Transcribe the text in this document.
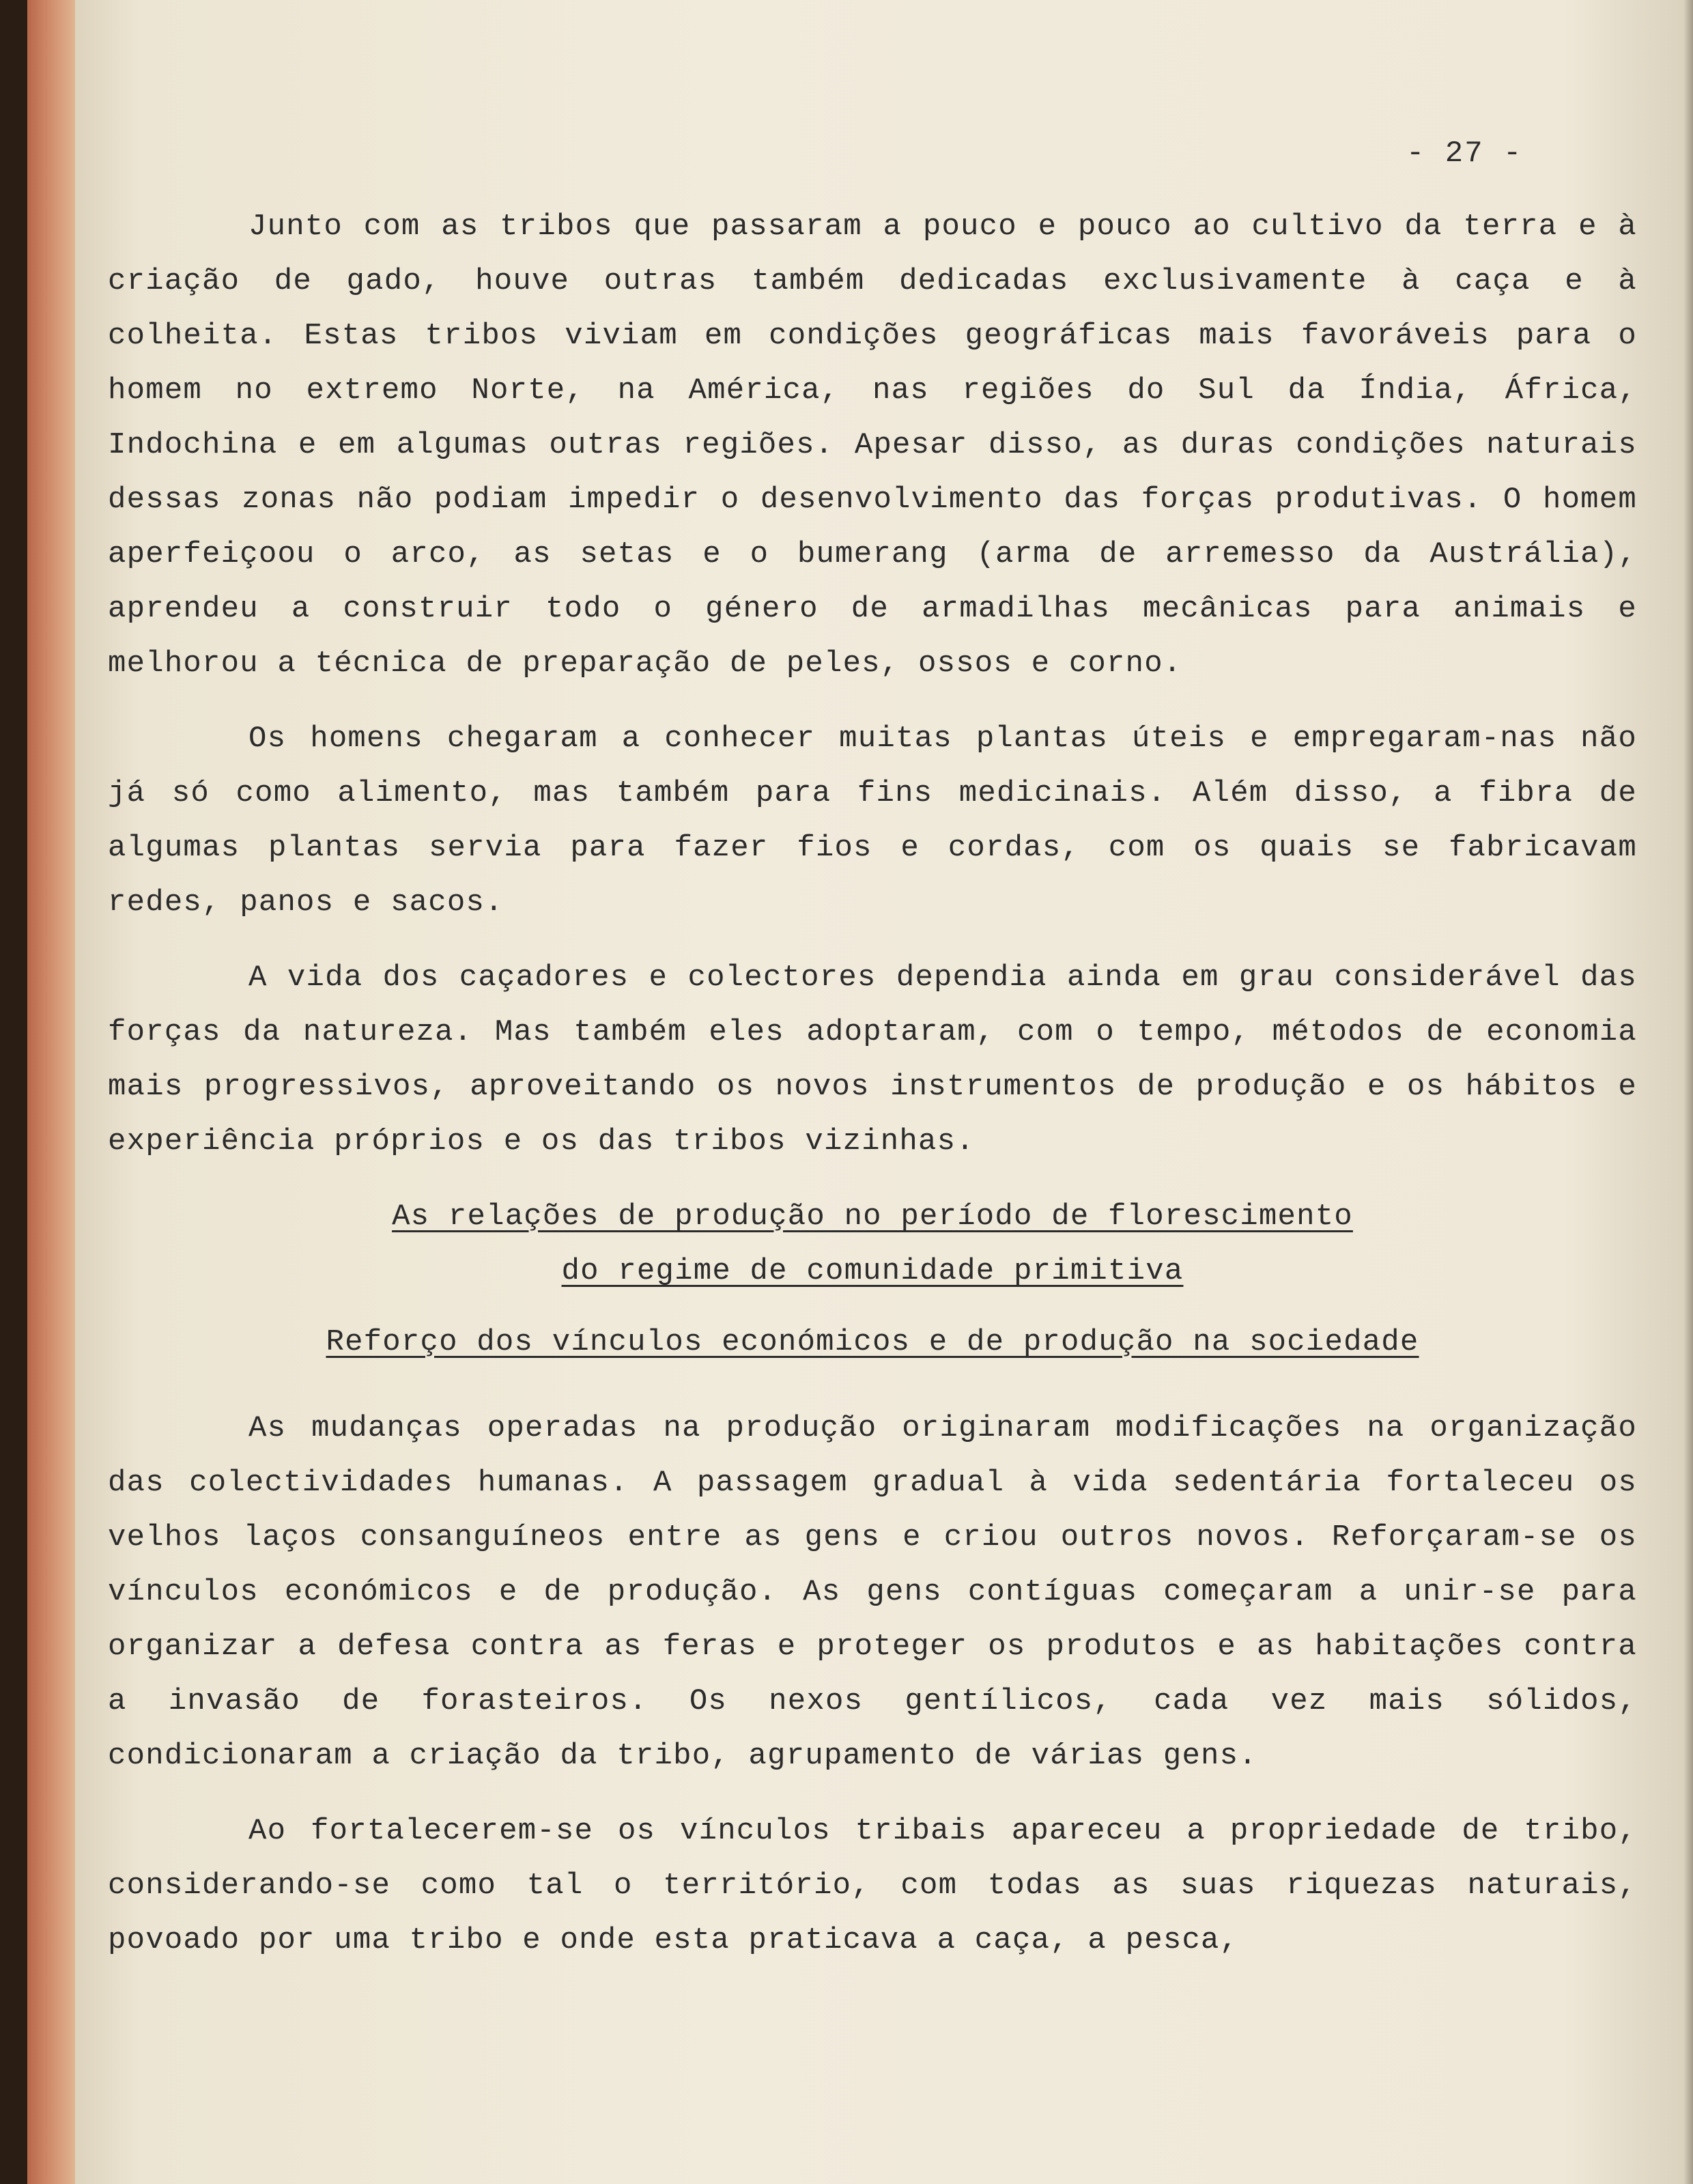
- 27 -

Junto com as tribos que passaram a pouco e pouco ao cultivo da terra e à criação de gado, houve outras também dedicadas exclusivamente à caça e à colheita. Estas tribos viviam em condições geográficas mais favoráveis para o homem no extremo Norte, na América, nas regiões do Sul da Índia, África, Indochina e em algumas outras regiões. Apesar disso, as duras condições naturais dessas zonas não podiam impedir o desenvolvimento das forças produtivas. O homem aperfeiçoou o arco, as setas e o bumerang (arma de arremesso da Austrália), aprendeu a construir todo o género de armadilhas mecânicas para animais e melhorou a técnica de preparação de peles, ossos e corno.

Os homens chegaram a conhecer muitas plantas úteis e empregaram-nas não já só como alimento, mas também para fins medicinais. Além disso, a fibra de algumas plantas servia para fazer fios e cordas, com os quais se fabricavam redes, panos e sacos.

A vida dos caçadores e colectores dependia ainda em grau considerável das forças da natureza. Mas também eles adoptaram, com o tempo, métodos de economia mais progressivos, aproveitando os novos instrumentos de produção e os hábitos e experiência próprios e os das tribos vizinhas.

As relações de produção no período de florescimento

do regime de comunidade primitiva

Reforço dos vínculos económicos e de produção na sociedade

As mudanças operadas na produção originaram modificações na organização das colectividades humanas. A passagem gradual à vida sedentária fortaleceu os velhos laços consanguíneos entre as gens e criou outros novos. Reforçaram-se os vínculos económicos e de produção. As gens contíguas começaram a unir-se para organizar a defesa contra as feras e proteger os produtos e as habitações contra a invasão de forasteiros. Os nexos gentílicos, cada vez mais sólidos, condicionaram a criação da tribo, agrupamento de várias gens.

Ao fortalecerem-se os vínculos tribais apareceu a propriedade de tribo, considerando-se como tal o território, com todas as suas riquezas naturais, povoado por uma tribo e onde esta praticava a caça, a pesca,
